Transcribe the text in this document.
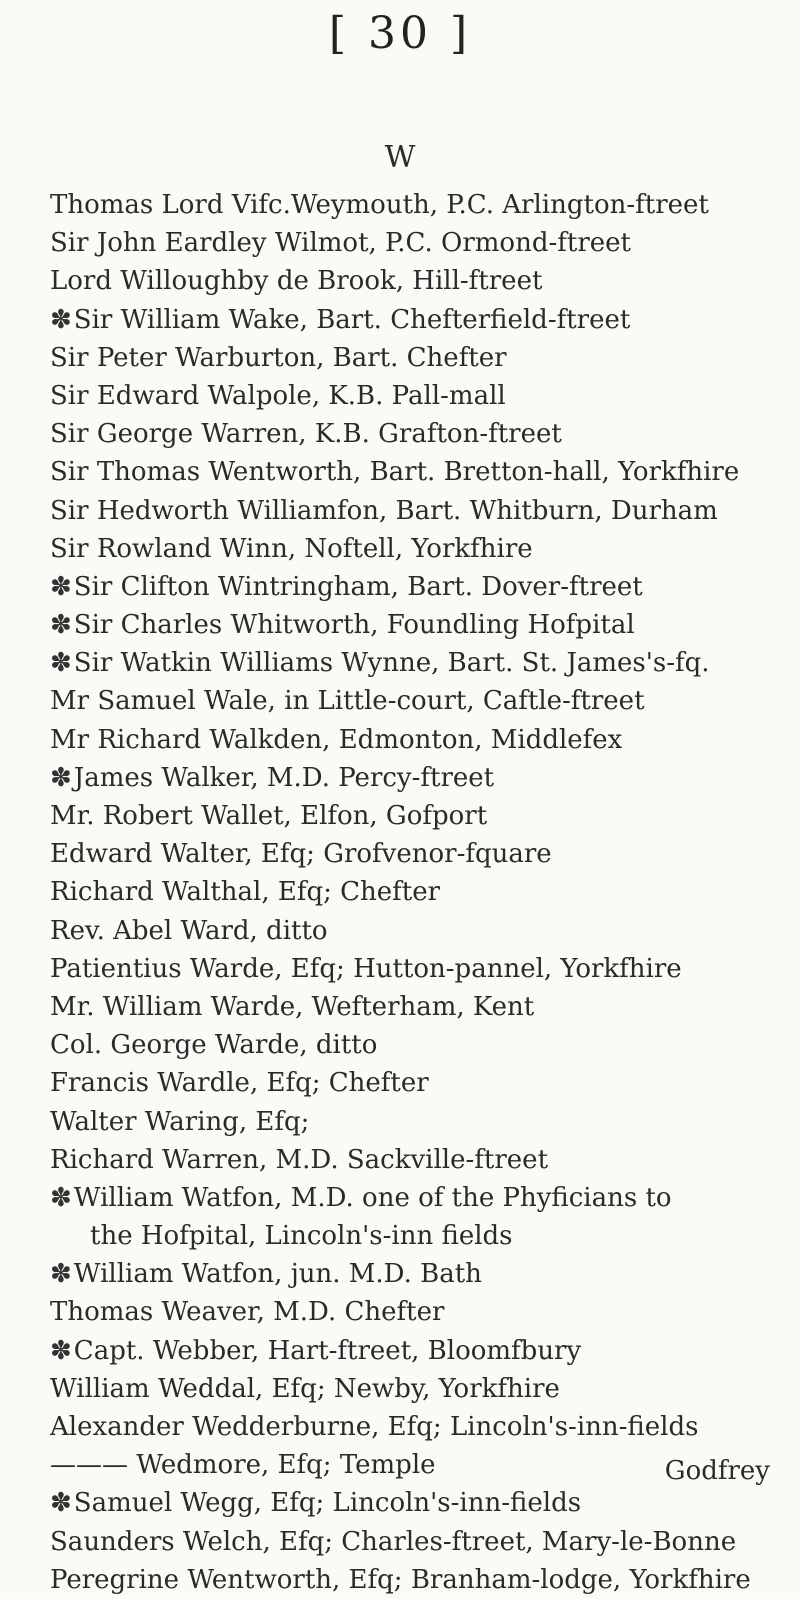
[ 30 ]
W
Thomas Lord Vifc.Weymouth, P.C. Arlington-ftreet
Sir John Eardley Wilmot, P.C. Ormond-ftreet
Lord Willoughby de Brook, Hill-ftreet
✽Sir William Wake, Bart. Chefterfield-ftreet
Sir Peter Warburton, Bart. Chefter
Sir Edward Walpole, K.B. Pall-mall
Sir George Warren, K.B. Grafton-ftreet
Sir Thomas Wentworth, Bart. Bretton-hall, Yorkfhire
Sir Hedworth Williamfon, Bart. Whitburn, Durham
Sir Rowland Winn, Noftell, Yorkfhire
✽Sir Clifton Wintringham, Bart. Dover-ftreet
✽Sir Charles Whitworth, Foundling Hofpital
✽Sir Watkin Williams Wynne, Bart. St. James's-fq.
Mr Samuel Wale, in Little-court, Caftle-ftreet
Mr Richard Walkden, Edmonton, Middlefex
✽James Walker, M.D. Percy-ftreet
Mr. Robert Wallet, Elfon, Gofport
Edward Walter, Efq; Grofvenor-fquare
Richard Walthal, Efq; Chefter
Rev. Abel Ward, ditto
Patientius Warde, Efq; Hutton-pannel, Yorkfhire
Mr. William Warde, Wefterham, Kent
Col. George Warde, ditto
Francis Wardle, Efq; Chefter
Walter Waring, Efq;
Richard Warren, M.D. Sackville-ftreet
✽William Watfon, M.D. one of the Phyficians to
the Hofpital, Lincoln's-inn fields
✽William Watfon, jun. M.D. Bath
Thomas Weaver, M.D. Chefter
✽Capt. Webber, Hart-ftreet, Bloomfbury
William Weddal, Efq; Newby, Yorkfhire
Alexander Wedderburne, Efq; Lincoln's-inn-fields
——— Wedmore, Efq; Temple
✽Samuel Wegg, Efq; Lincoln's-inn-fields
Saunders Welch, Efq; Charles-ftreet, Mary-le-Bonne
Peregrine Wentworth, Efq; Branham-lodge, Yorkfhire
Godfrey
